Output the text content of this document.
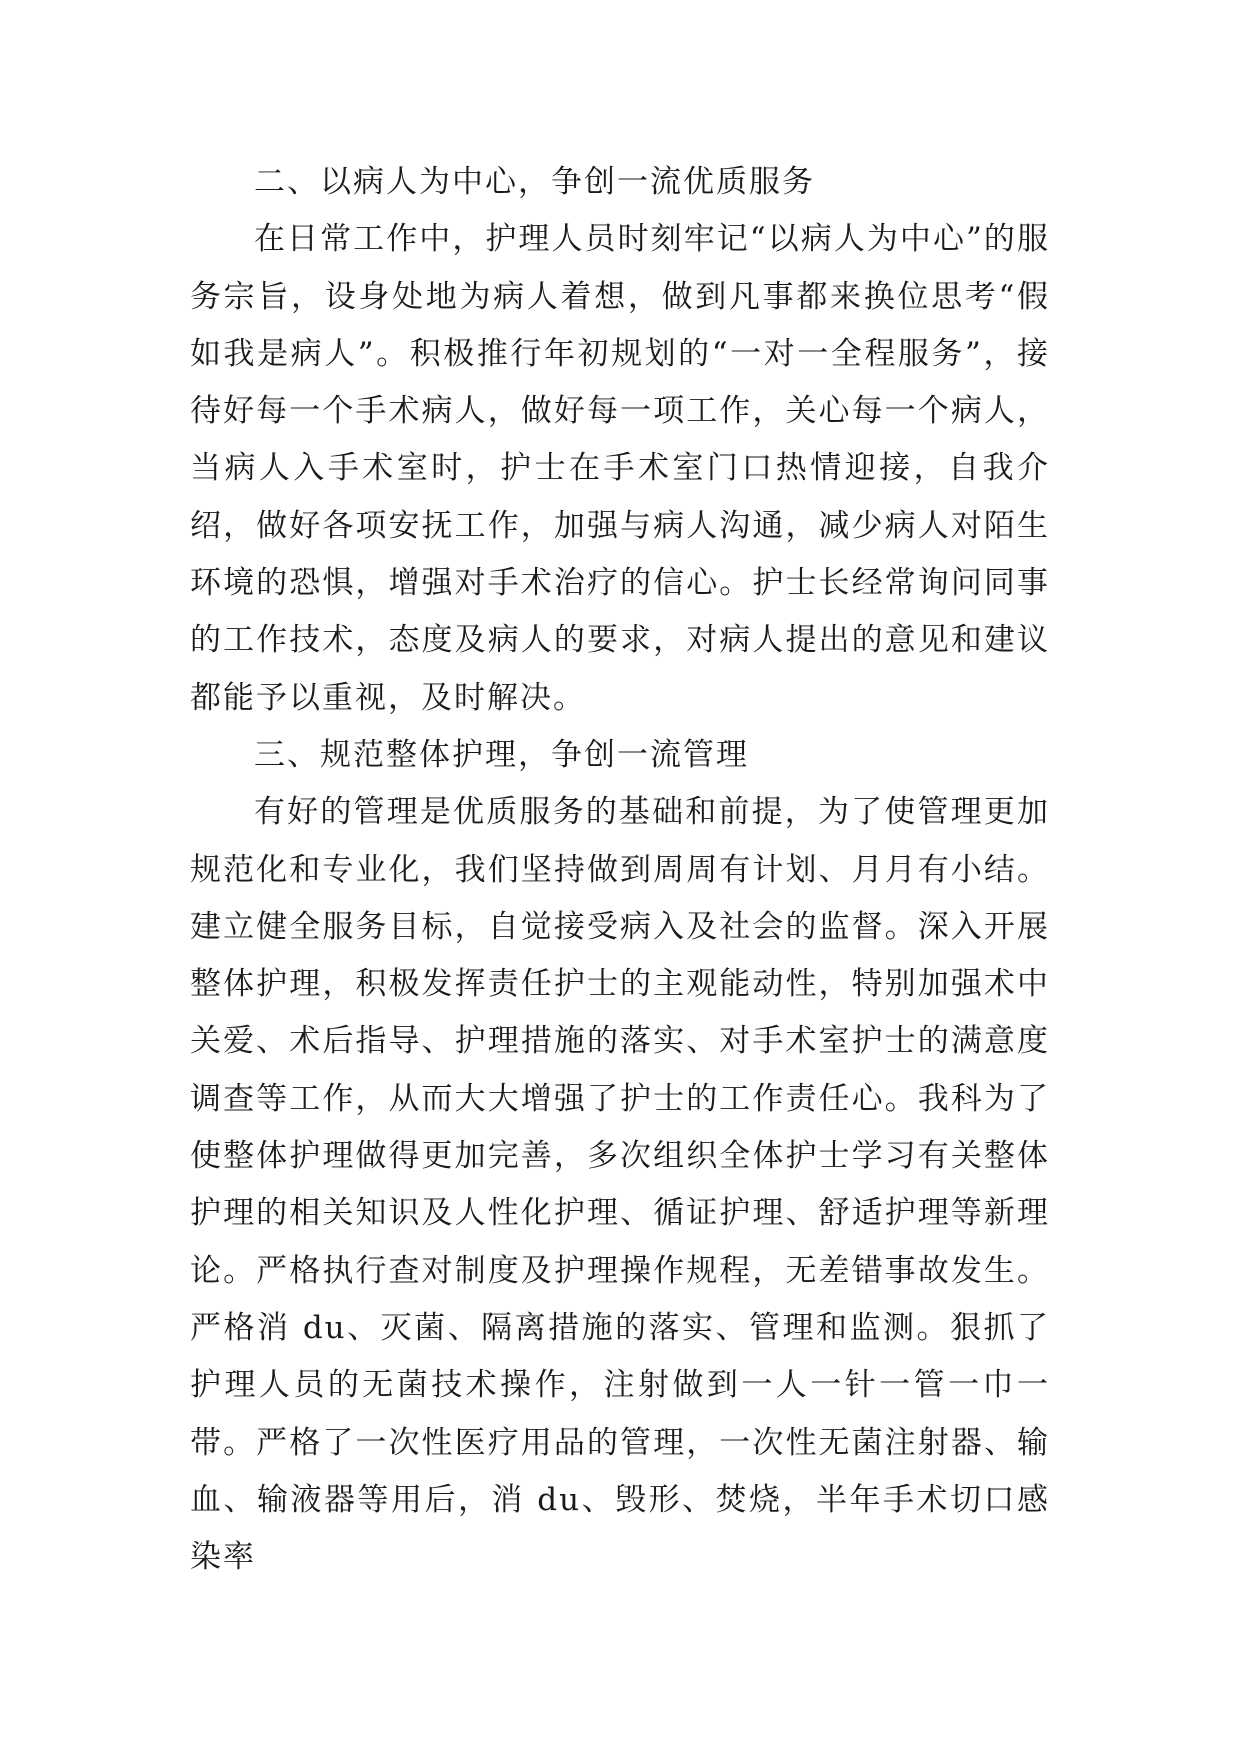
二、以病人为中心，争创一流优质服务

在日常工作中，护理人员时刻牢记“以病人为中心”的服务宗旨，设身处地为病人着想，做到凡事都来换位思考“假如我是病人”。积极推行年初规划的“一对一全程服务”，接待好每一个手术病人，做好每一项工作，关心每一个病人，当病人入手术室时，护士在手术室门口热情迎接，自我介绍，做好各项安抚工作，加强与病人沟通，减少病人对陌生环境的恐惧，增强对手术治疗的信心。护士长经常询问同事的工作技术，态度及病人的要求，对病人提出的意见和建议都能予以重视，及时解决。

三、规范整体护理，争创一流管理

有好的管理是优质服务的基础和前提，为了使管理更加规范化和专业化，我们坚持做到周周有计划、月月有小结。建立健全服务目标，自觉接受病入及社会的监督。深入开展整体护理，积极发挥责任护士的主观能动性，特别加强术中关爱、术后指导、护理措施的落实、对手术室护士的满意度调查等工作，从而大大增强了护士的工作责任心。我科为了使整体护理做得更加完善，多次组织全体护士学习有关整体护理的相关知识及人性化护理、循证护理、舒适护理等新理论。严格执行查对制度及护理操作规程，无差错事故发生。严格消 du、灭菌、隔离措施的落实、管理和监测。狠抓了护理人员的无菌技术操作，注射做到一人一针一管一巾一带。严格了一次性医疗用品的管理，一次性无菌注射器、输血、输液器等用后，消 du、毁形、焚烧，半年手术切口感染率
